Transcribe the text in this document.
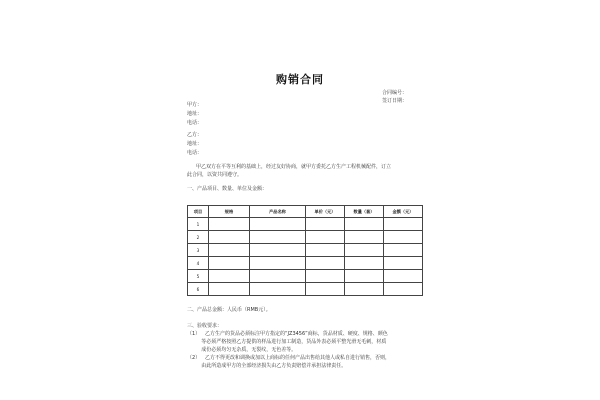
购销合同
合同编号：
签订日期：
甲方：
地址：
电话：
乙方：
地址：
电话：
甲乙双方在平等互利的基础上，经过友好协商，就甲方委托乙方生产工程机械配件，订立
此合同，以资共同遵守。
一、产品项目、数量、单位及金额：
项目	规格	产品名称	单价（元）	数量（套）	金额（元）
1					
2					
3					
4					
5					
6					
二、产品总金额：人民币（RMB元）。
三、验收要求：
（1）   乙方生产的货品必须标注甲方指定的“JZ3456”商标，货品材质、硬度、规格、颜色
等必须严格按照乙方提供的样品进行加工制造，货品外表必须平整光滑无毛刺，材质
成份必须均匀无杂质，无裂纹，无色差等。
（2）   乙方不得更改和调换或加以上商标的任何产品出售给其他人或私自进行销售，否则，
由此所造成甲方的全部经济损失由乙方负责赔偿并承担法律责任。
